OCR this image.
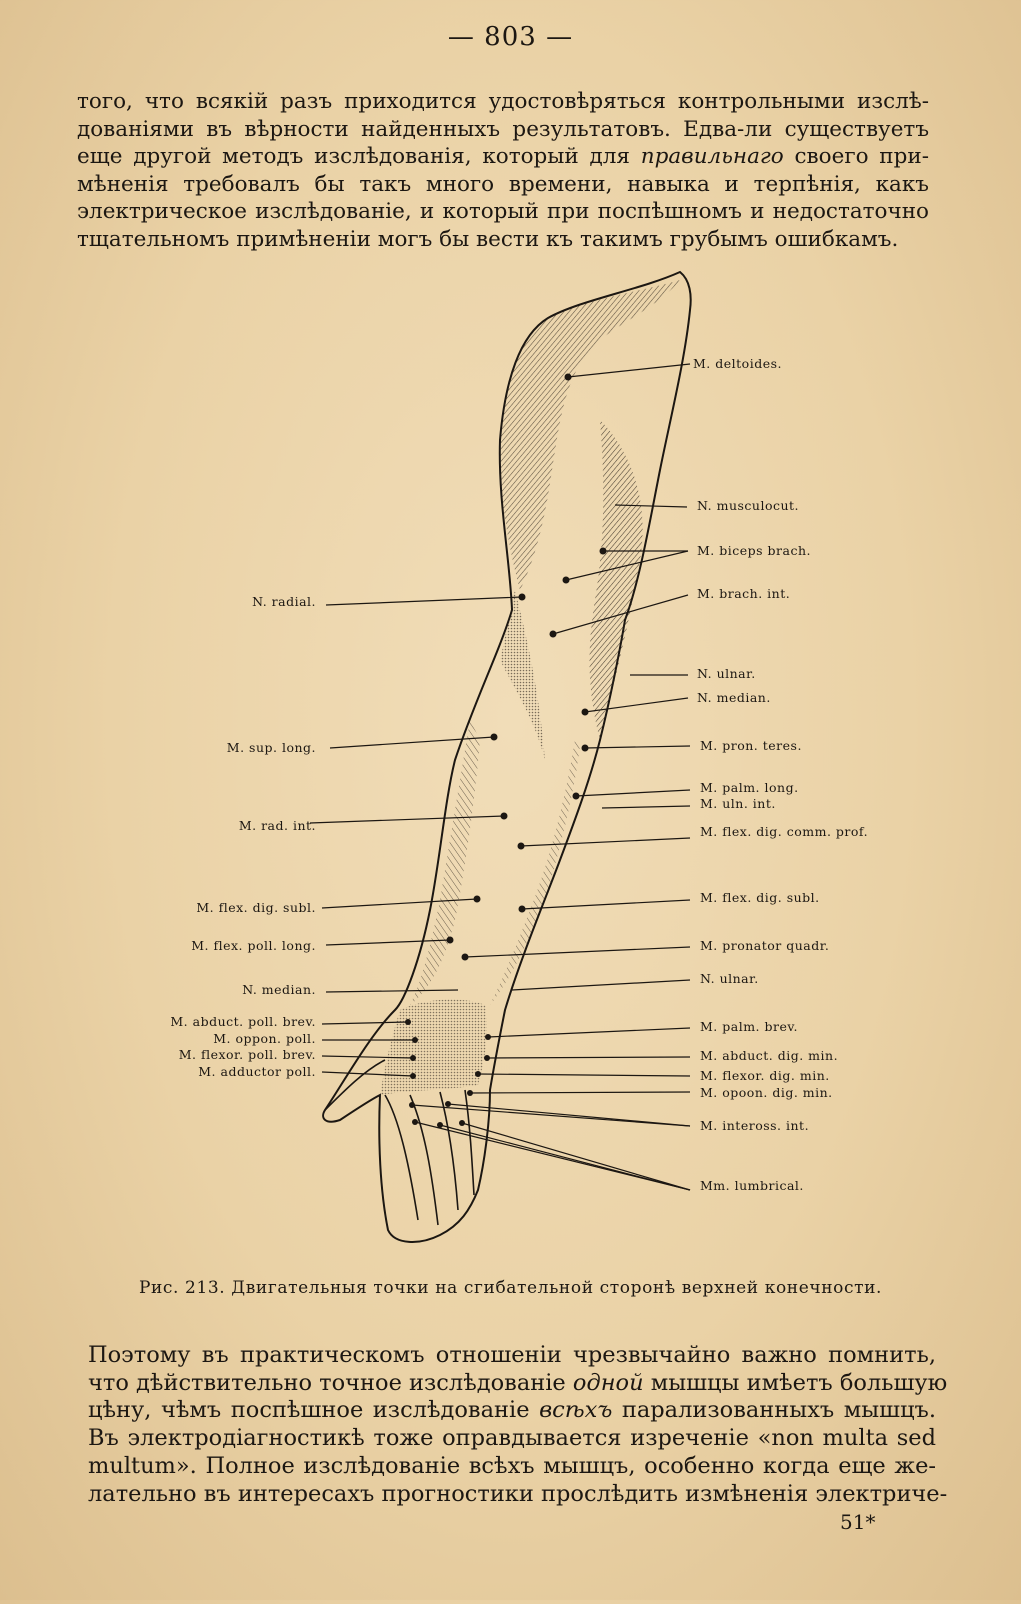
— 803 —
того, что всякій разъ приходится удостовѣряться контрольными изслѣ-
дованіями въ вѣрности найденныхъ результатовъ. Едва-ли существуетъ
еще другой методъ изслѣдованія, который для правильнаго своего при-
мѣненія требовалъ бы такъ много времени, навыка и терпѣнія, какъ
электрическое изслѣдованіе, и который при поспѣшномъ и недостаточно
тщательномъ примѣненіи могъ бы вести къ такимъ грубымъ ошибкамъ.
M. deltoides.
N. musculocut.
M. biceps brach.
M. brach. int.
N. ulnar.
N. median.
M. pron. teres.
M. palm. long.
M. uln. int.
M. flex. dig. comm. prof.
M. flex. dig. subl.
M. pronator quadr.
N. ulnar.
M. palm. brev.
M. abduct. dig. min.
M. flexor. dig. min.
M. opoon. dig. min.
M. inteross. int.
Mm. lumbrical.
N. radial.
M. sup. long.
M. rad. int.
M. flex. dig. subl.
M. flex. poll. long.
N. median.
M. abduct. poll. brev.
M. oppon. poll.
M. flexor. poll. brev.
M. adductor poll.
Рис. 213. Двигательныя точки на сгибательной сторонѣ верхней конечности.
Поэтому въ практическомъ отношеніи чрезвычайно важно помнить,
что дѣйствительно точное изслѣдованіе одной мышцы имѣетъ большую
цѣну, чѣмъ поспѣшное изслѣдованіе всѣхъ парализованныхъ мышцъ.
Въ электродіагностикѣ тоже оправдывается изреченіе «non multa sed
multum». Полное изслѣдованіе всѣхъ мышцъ, особенно когда еще же-
лательно въ интересахъ прогностики прослѣдить измѣненія электриче-
51*
